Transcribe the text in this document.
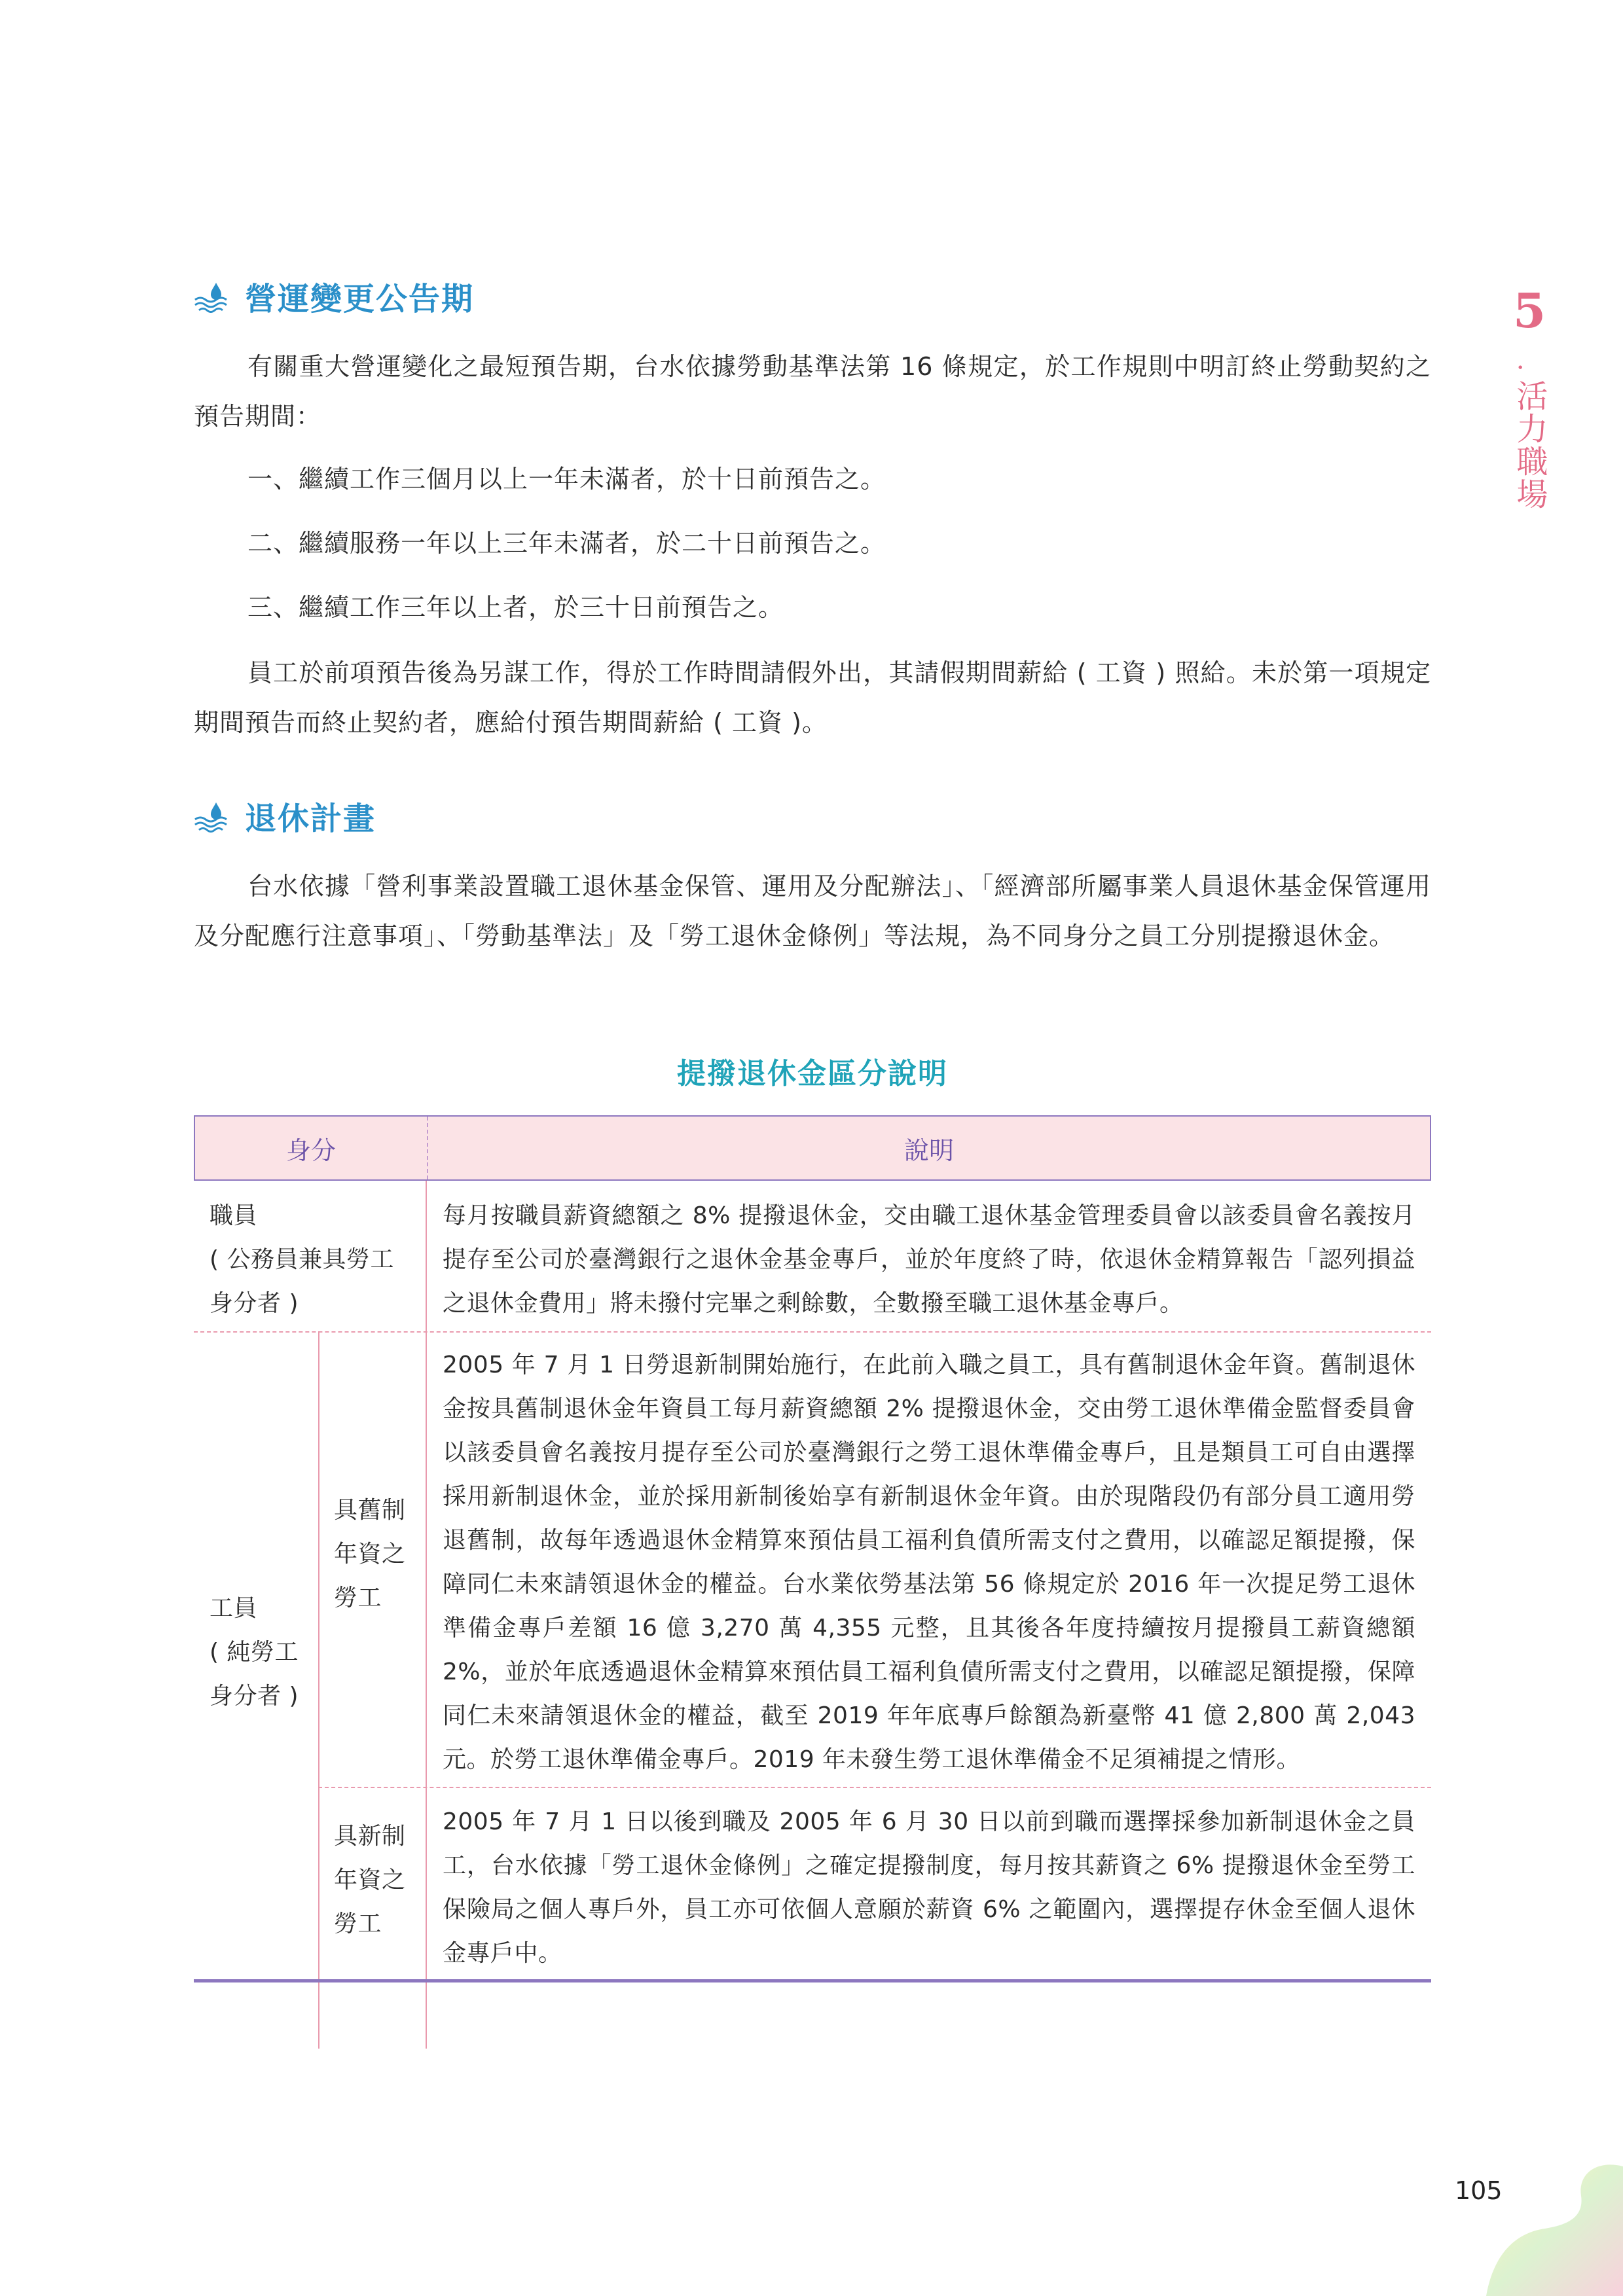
5
．
活力職場
營運變更公告期
有關重大營運變化之最短預告期，台水依據勞動基準法第 16 條規定，於工作規則中明訂終止勞動契約之預告期間：
一、繼續工作三個月以上一年未滿者，於十日前預告之。
二、繼續服務一年以上三年未滿者，於二十日前預告之。
三、繼續工作三年以上者，於三十日前預告之。
員工於前項預告後為另謀工作，得於工作時間請假外出，其請假期間薪給 ( 工資 ) 照給。未於第一項規定期間預告而終止契約者，應給付預告期間薪給 ( 工資 )。
退休計畫
台水依據「營利事業設置職工退休基金保管、運用及分配辦法」、「經濟部所屬事業人員退休基金保管運用及分配應行注意事項」、「勞動基準法」及「勞工退休金條例」等法規，為不同身分之員工分別提撥退休金。
提撥退休金區分說明
身分	說明
職員
( 公務員兼具勞工
身分者 )
每月按職員薪資總額之 8% 提撥退休金，交由職工退休基金管理委員會以該委員會名義按月提存至公司於臺灣銀行之退休金基金專戶，並於年度終了時，依退休金精算報告「認列損益之退休金費用」將未撥付完畢之剩餘數，全數撥至職工退休基金專戶。
工員
( 純勞工
身分者 )
具舊制
年資之
勞工
2005 年 7 月 1 日勞退新制開始施行，在此前入職之員工，具有舊制退休金年資。舊制退休金按具舊制退休金年資員工每月薪資總額 2% 提撥退休金，交由勞工退休準備金監督委員會以該委員會名義按月提存至公司於臺灣銀行之勞工退休準備金專戶，且是類員工可自由選擇採用新制退休金，並於採用新制後始享有新制退休金年資。由於現階段仍有部分員工適用勞退舊制，故每年透過退休金精算來預估員工福利負債所需支付之費用，以確認足額提撥，保障同仁未來請領退休金的權益。台水業依勞基法第 56 條規定於 2016 年一次提足勞工退休準備金專戶差額 16 億 3,270 萬 4,355 元整，且其後各年度持續按月提撥員工薪資總額 2%，並於年底透過退休金精算來預估員工福利負債所需支付之費用，以確認足額提撥，保障同仁未來請領退休金的權益，截至 2019 年年底專戶餘額為新臺幣 41 億 2,800 萬 2,043 元。於勞工退休準備金專戶。2019 年未發生勞工退休準備金不足須補提之情形。
具新制
年資之
勞工
2005 年 7 月 1 日以後到職及 2005 年 6 月 30 日以前到職而選擇採參加新制退休金之員工，台水依據「勞工退休金條例」之確定提撥制度，每月按其薪資之 6% 提撥退休金至勞工保險局之個人專戶外，員工亦可依個人意願於薪資 6% 之範圍內，選擇提存休金至個人退休金專戶中。
105
